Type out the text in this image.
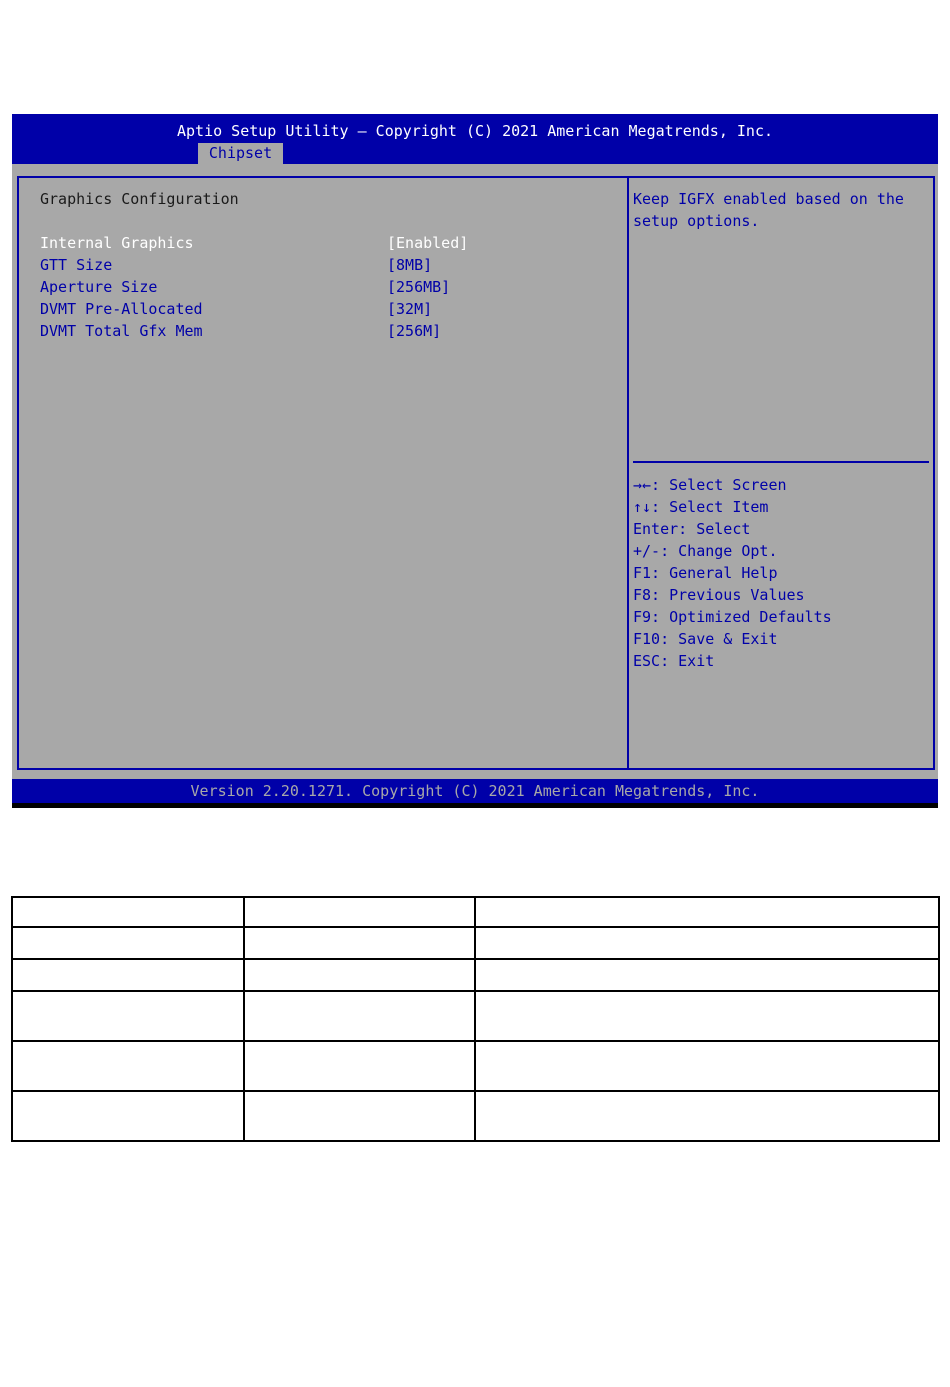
Aptio Setup Utility – Copyright (C) 2021 American Megatrends, Inc.
Chipset
Graphics Configuration

Internal Graphics

	[Enabled]

GTT Size

	[8MB]

Aperture Size

	[256MB]

DVMT Pre-Allocated

	[32M]

DVMT Total Gfx Mem

	[256M]

Keep IGFX enabled based on the setup options.
→←: Select Screen
↑↓: Select Item
Enter: Select
+/-: Change Opt.
F1: General Help
F8: Previous Values
F9: Optimized Defaults
F10: Save & Exit
ESC: Exit
Version 2.20.1271. Copyright (C) 2021 American Megatrends, Inc.
